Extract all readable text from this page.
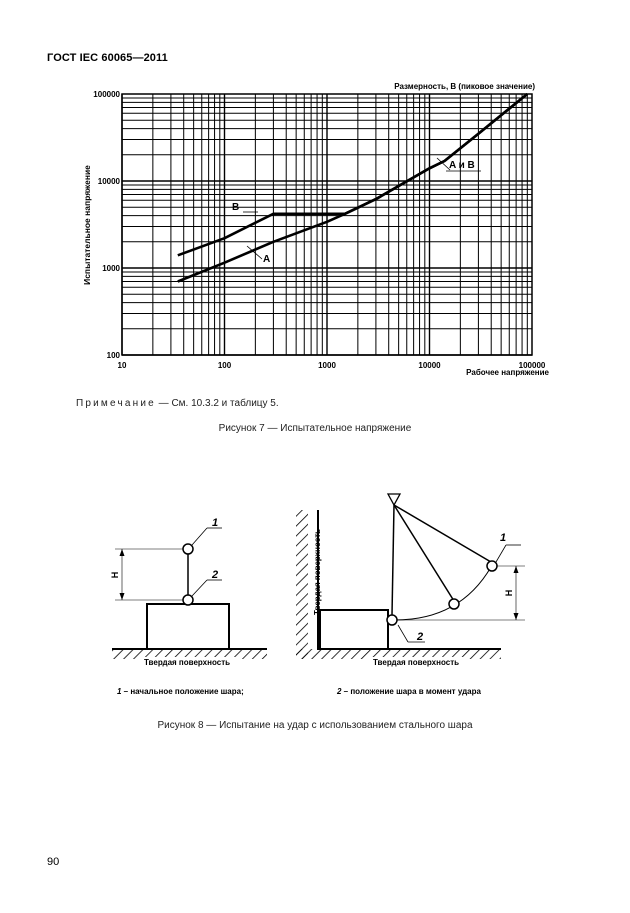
ГОСТ IEC 60065—2011
10	100	1000	10000	100000
100
1000
10000
100000
Размерность, В (пиковое значение)
Рабочее напряжение
Испытательное напряжение	B
A
A и B
H
1
2
Твердая поверхность
H
1
2
Твердая поверхность
Твердая поверхность
1 – начальное положение шара;	2 – положение шара в момент удара
Примечание — См. 10.3.2 и таблицу 5.
Рисунок 7 — Испытательное напряжение
Рисунок 8 — Испытание на удар с использованием стального шара
90
